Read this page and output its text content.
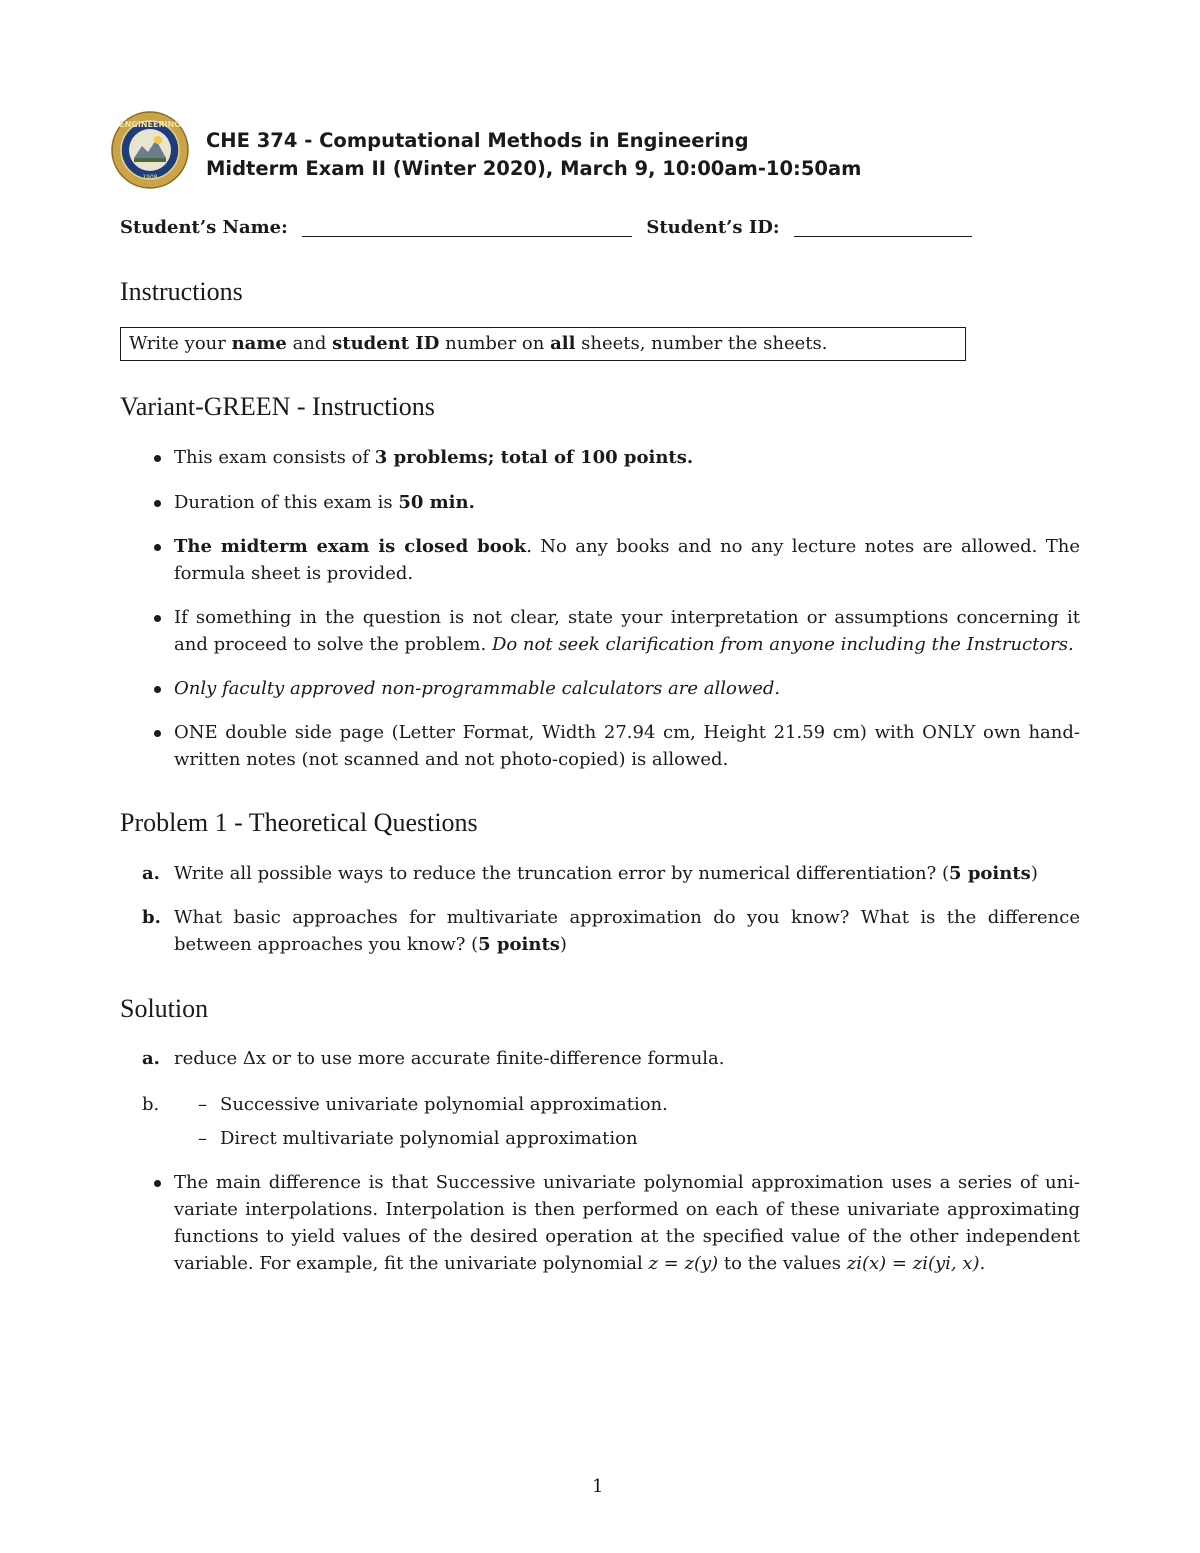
ENGINEERING
1908
CHE 374 - Computational Methods in Engineering
Midterm Exam II (Winter 2020), March 9, 10:00am-10:50am
Student’s Name:	Student’s ID:
Instructions
Write your name and student ID number on all sheets, number the sheets.
Variant-GREEN - Instructions
This exam consists of 3 problems; total of 100 points.
Duration of this exam is 50 min.
The midterm exam is closed book. No any books and no any lecture notes are allowed. The formula sheet is provided.
If something in the question is not clear, state your interpretation or assumptions concerning it and proceed to solve the problem. Do not seek clarification from anyone including the Instructors.
Only faculty approved non-programmable calculators are allowed.
ONE double side page (Letter Format, Width 27.94 cm, Height 21.59 cm) with ONLY own hand-written notes (not scanned and not photo-copied) is allowed.
Problem 1 - Theoretical Questions
a. Write all possible ways to reduce the truncation error by numerical differentiation? (5 points)
b. What basic approaches for multivariate approximation do you know? What is the difference between approaches you know? (5 points)
Solution
a. reduce Δx or to use more accurate finite-difference formula.
b. – Successive univariate polynomial approximation.
– Direct multivariate polynomial approximation
The main difference is that Successive univariate polynomial approximation uses a series of uni-variate interpolations. Interpolation is then performed on each of these univariate approximating functions to yield values of the desired operation at the specified value of the other independent variable. For example, fit the univariate polynomial z = z(y) to the values zi(x) = zi(yi, x).
1
